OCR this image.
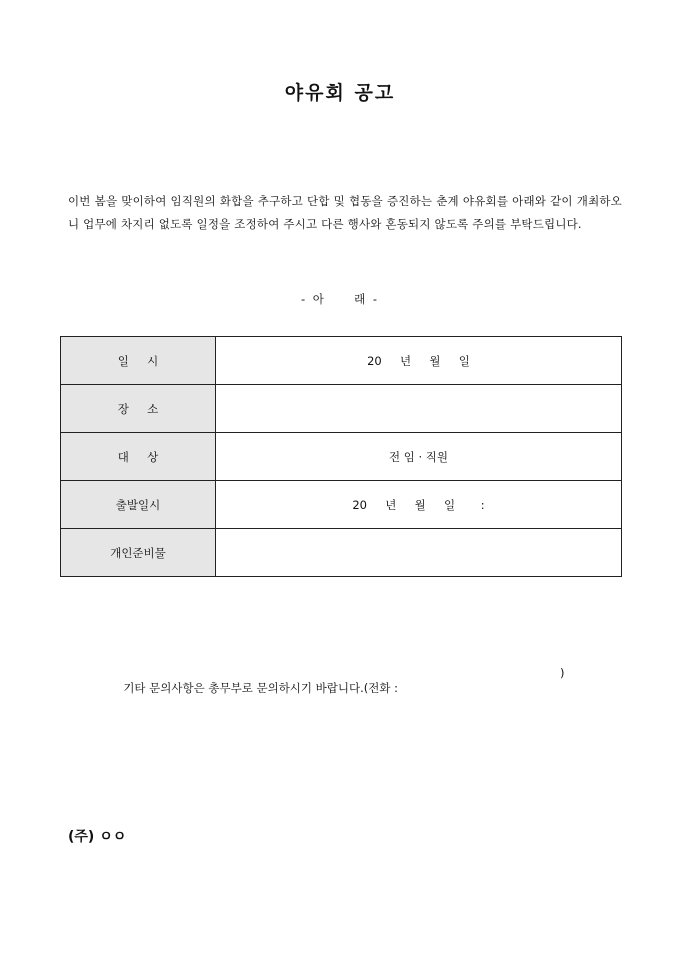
야유회 공고
이번 봄을 맞이하여 임직원의 화합을 추구하고 단합 및 협동을 증진하는 춘계 야유회를 아래와 같이 개최하오니 업무에 차지리 없도록 일정을 조정하여 주시고 다른 행사와 혼동되지 않도록 주의를 부탁드립니다.
- 아     래 -
일     시	20     년     월     일
장     소	
대     상	전 임 · 직원
출발일시	20     년     월     일       :
개인준비물	

기타 문의사항은 총무부로 문의하시기 바랍니다.(전화 :

)

(주) ㅇㅇ
